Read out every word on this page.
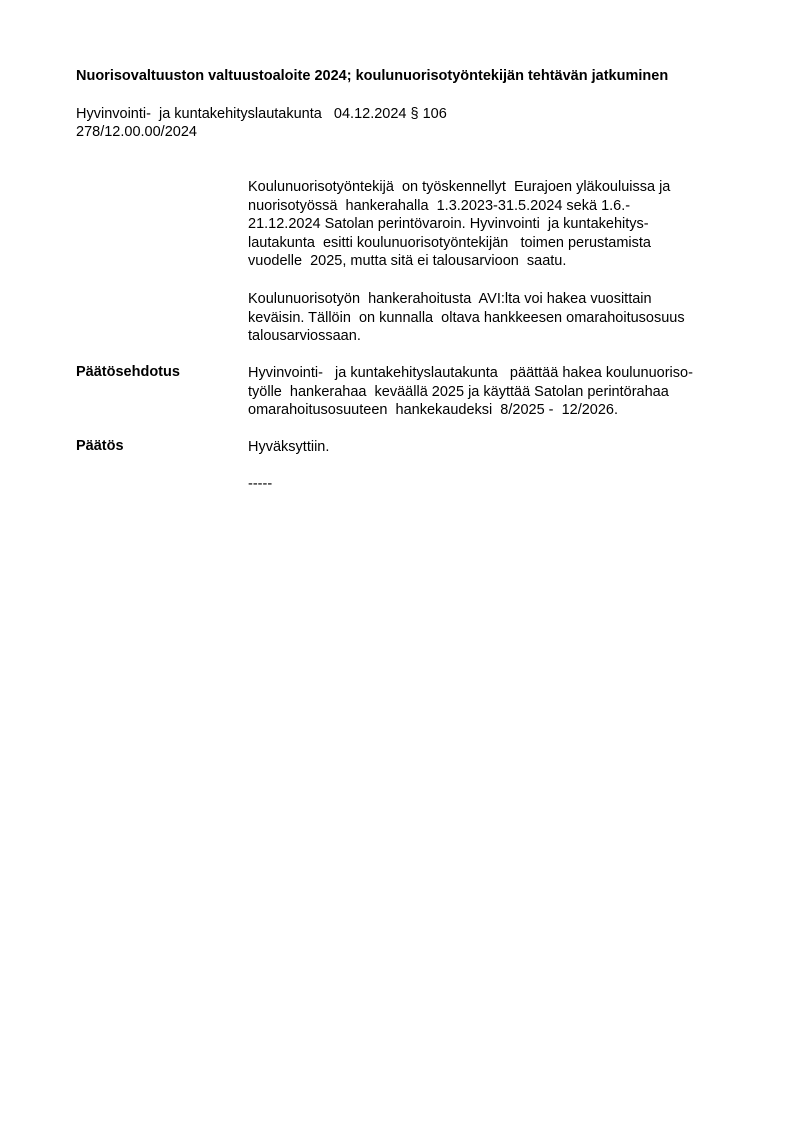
Nuorisovaltuuston valtuustoaloite 2024; koulunuorisotyöntekijän tehtävän jatkuminen
Hyvinvointi-  ja kuntakehityslautakunta   04.12.2024 § 106
278/12.00.00/2024

Koulunuorisotyöntekijä  on työskennellyt  Eurajoen yläkouluissa ja

nuorisotyössä  hankerahalla  1.3.2023-31.5.2024 sekä 1.6.-

21.12.2024 Satolan perintövaroin. Hyvinvointi  ja kuntakehitys-

lautakunta  esitti koulunuorisotyöntekijän   toimen perustamista

vuodelle  2025, mutta sitä ei talousarvioon  saatu.

Koulunuorisotyön  hankerahoitusta  AVI:lta voi hakea vuosittain

keväisin. Tällöin  on kunnalla  oltava hankkeesen omarahoitusosuus

talousarviossaan.

Päätösehdotus	Hyvinvointi-   ja kuntakehityslautakunta   päättää hakea koulunuoriso-

työlle  hankerahaa  keväällä 2025 ja käyttää Satolan perintörahaa

omarahoitusosuuteen  hankekaudeksi  8/2025 -  12/2026.

Päätös	Hyväksyttiin.

-----
